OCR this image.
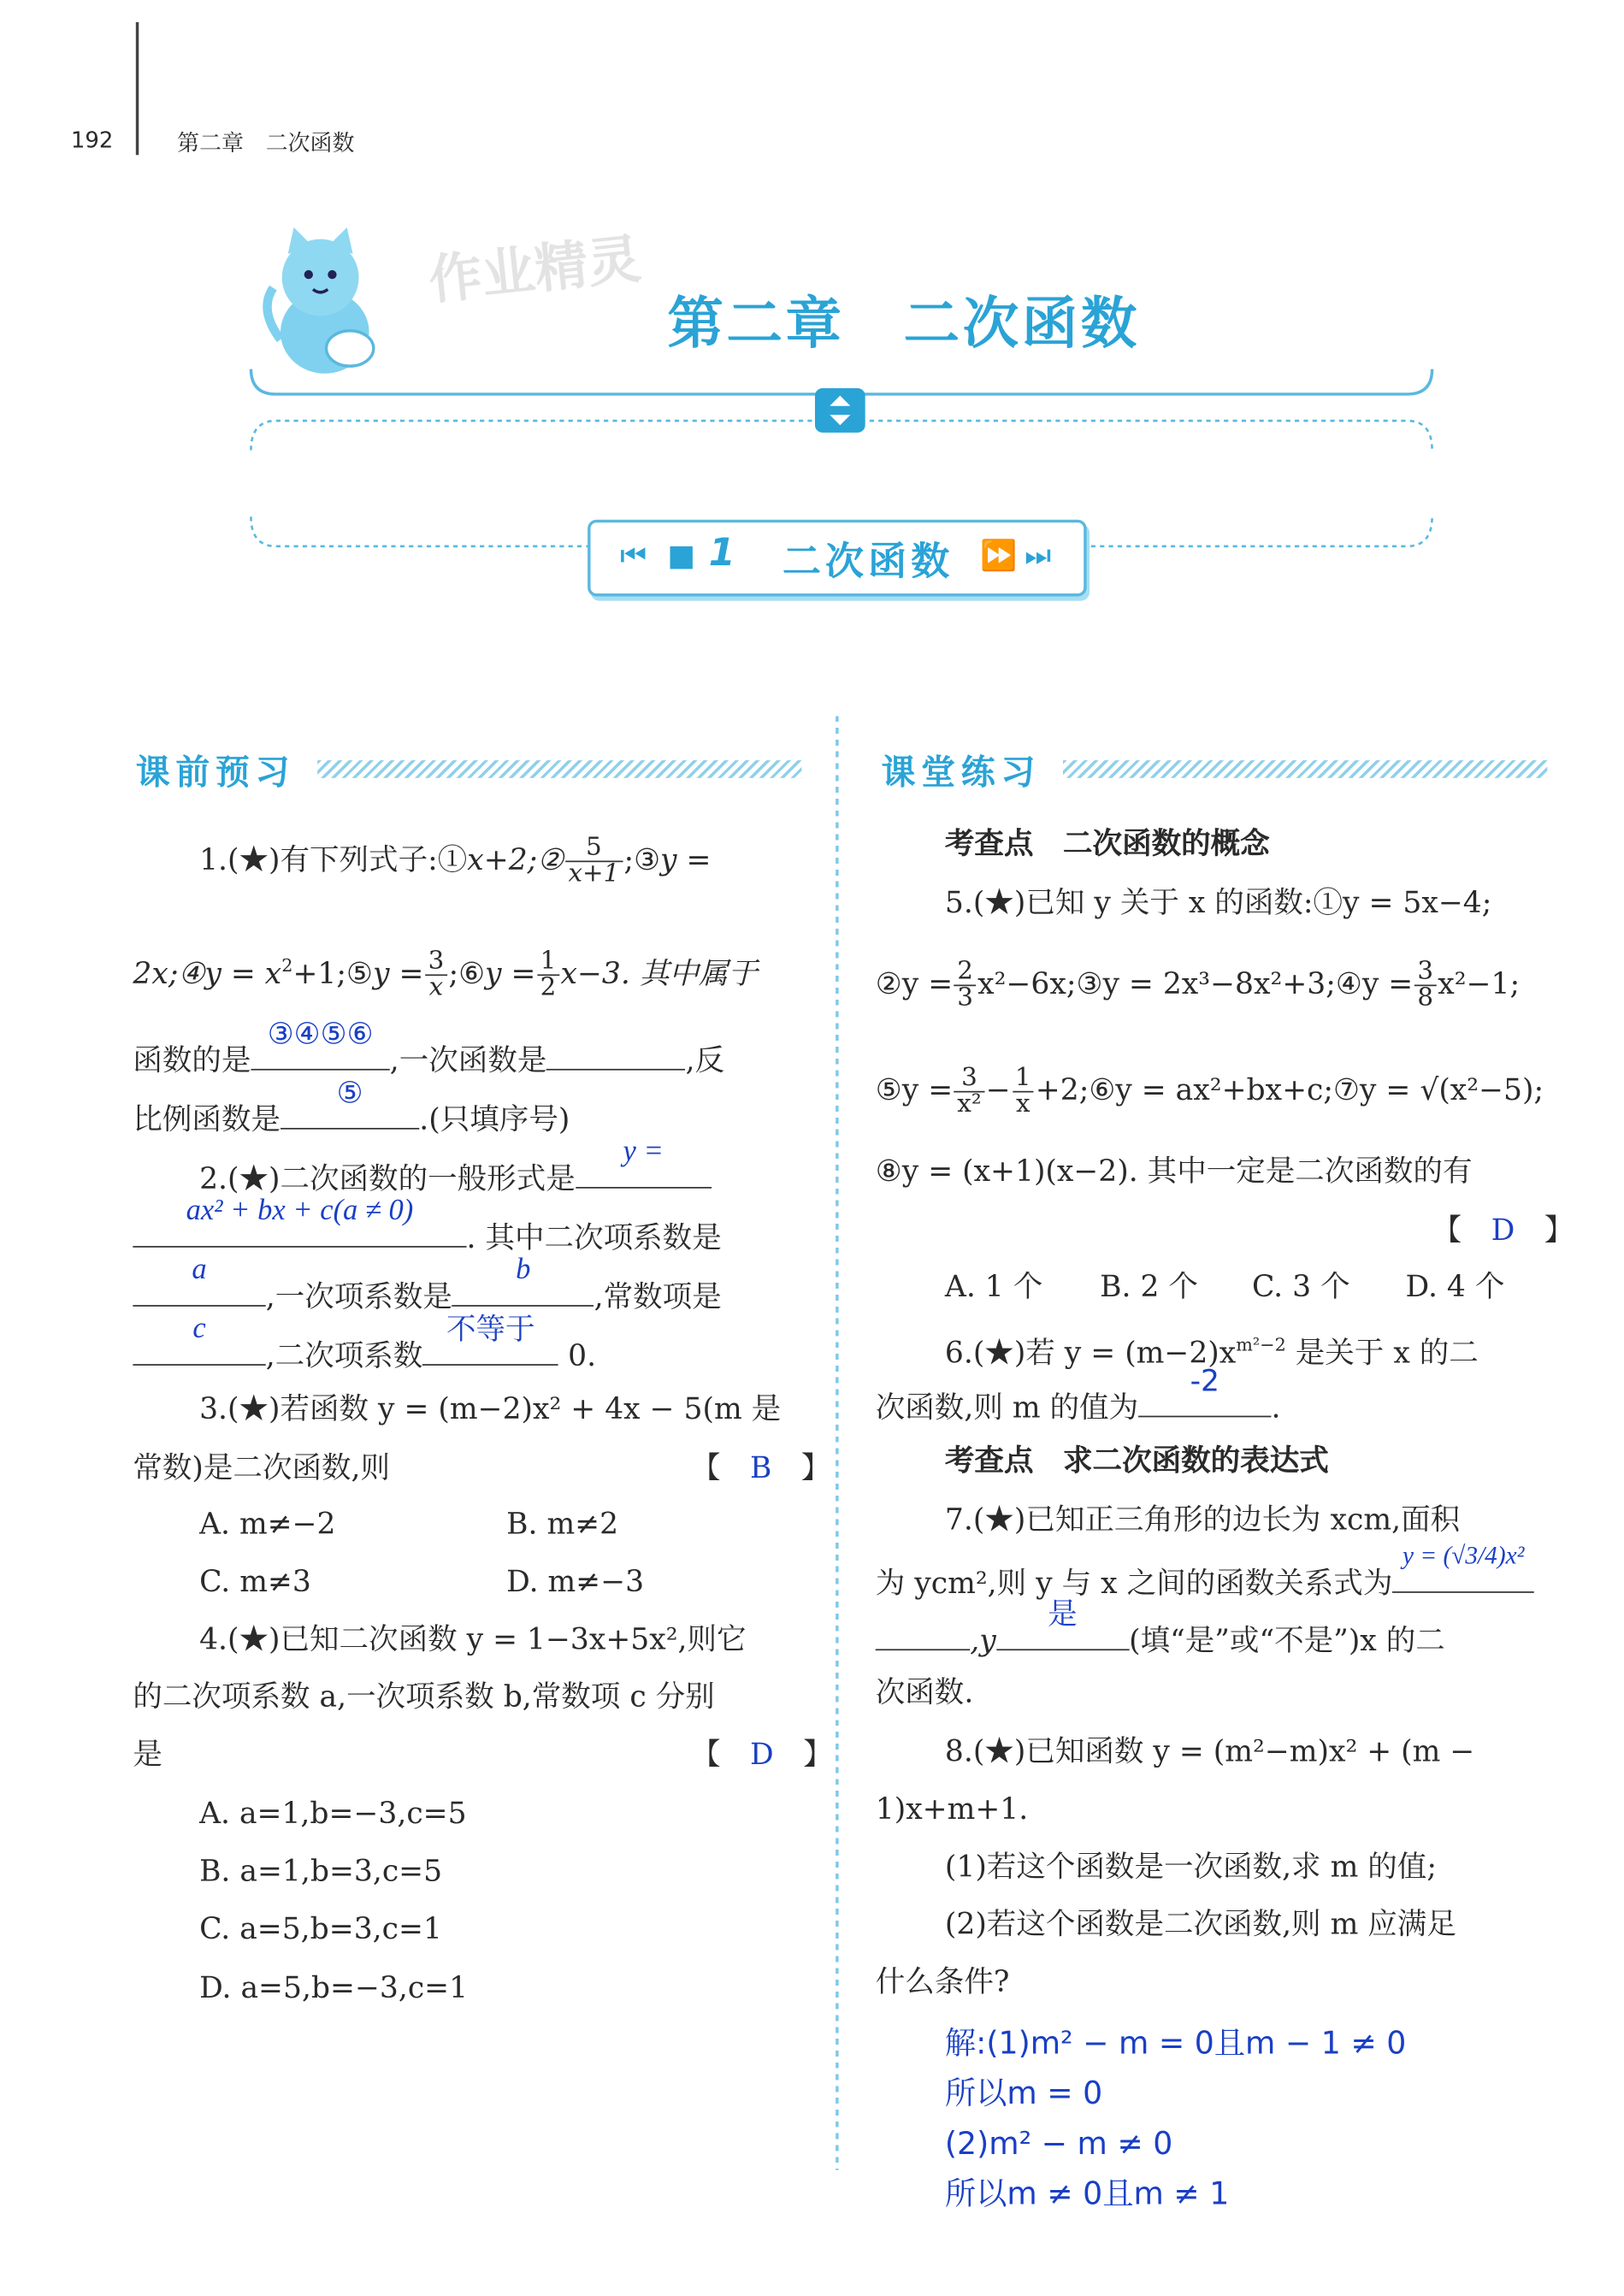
192	第二章　二次函数
作业精灵
第二章　二次函数
⏮ ■ 1 二次函数 ⏩ ⏭
课前预习
1.(★)有下列式子:①x+2;② $\frac{5}{x+1}$ ;③y =
2x;④y = $x^2+1;⑤y = \frac{3}{x}$ ;⑥y = $\frac{1}{2} x-3$. 其中属于
函数的是
③④⑤⑥
,一次函数是	,反
比例函数是
⑤
.(只填序号)
2.(★)二次函数的一般形式是
y =
ax² + bx + c(a ≠ 0)
. 其中二次项系数是
a
,一次项系数是
b
,常数项是
c
,二次项系数
不等于
0.
3.(★)若函数 y = (m−2)x² + 4x − 5(m 是
常数)是二次函数,则	【　B　】
A. m≠−2	B. m≠2
C. m≠3	D. m≠−3
4.(★)已知二次函数 y = 1−3x+5x²,则它
的二次项系数 a,一次项系数 b,常数项 c 分别
是	【　D　】
A. a=1,b=−3,c=5
B. a=1,b=3,c=5
C. a=5,b=3,c=1
D. a=5,b=−3,c=1
课堂练习
考查点　二次函数的概念
5.(★)已知 y 关于 x 的函数:①y = 5x−4;
②y = $\frac{2}{3}$ x²−6x;③y = 2x³−8x²+3;④y = $\frac{3}{8} x^2-1$;
⑤y = $\frac{3}{\text{x²}} - \frac{1}{x}$ +2;⑥y = ax²+bx+c;⑦y = √(x²−5);
⑧y = (x+1)(x−2). 其中一定是二次函数的有
【　D　】
A. 1 个	B. 2 个	C. 3 个	D. 4 个
6.(★)若 $y = (m-2)x^{m^2-2}$ 是关于 x 的二
次函数,则 m 的值为
-2
.
考查点　求二次函数的表达式
7.(★)已知正三角形的边长为 xcm,面积
为 ycm²,则 y 与 x 之间的函数关系式为
y = (√3/4)x²
,y
是
(填“是”或“不是”)x 的二
次函数.
8.(★)已知函数 y = (m²−m)x² + (m −
1)x+m+1.
(1)若这个函数是一次函数,求 m 的值;
(2)若这个函数是二次函数,则 m 应满足
什么条件?
解:(1)m² − m = 0且m − 1 ≠ 0
所以m = 0
(2)m² − m ≠ 0
所以m ≠ 0且m ≠ 1
